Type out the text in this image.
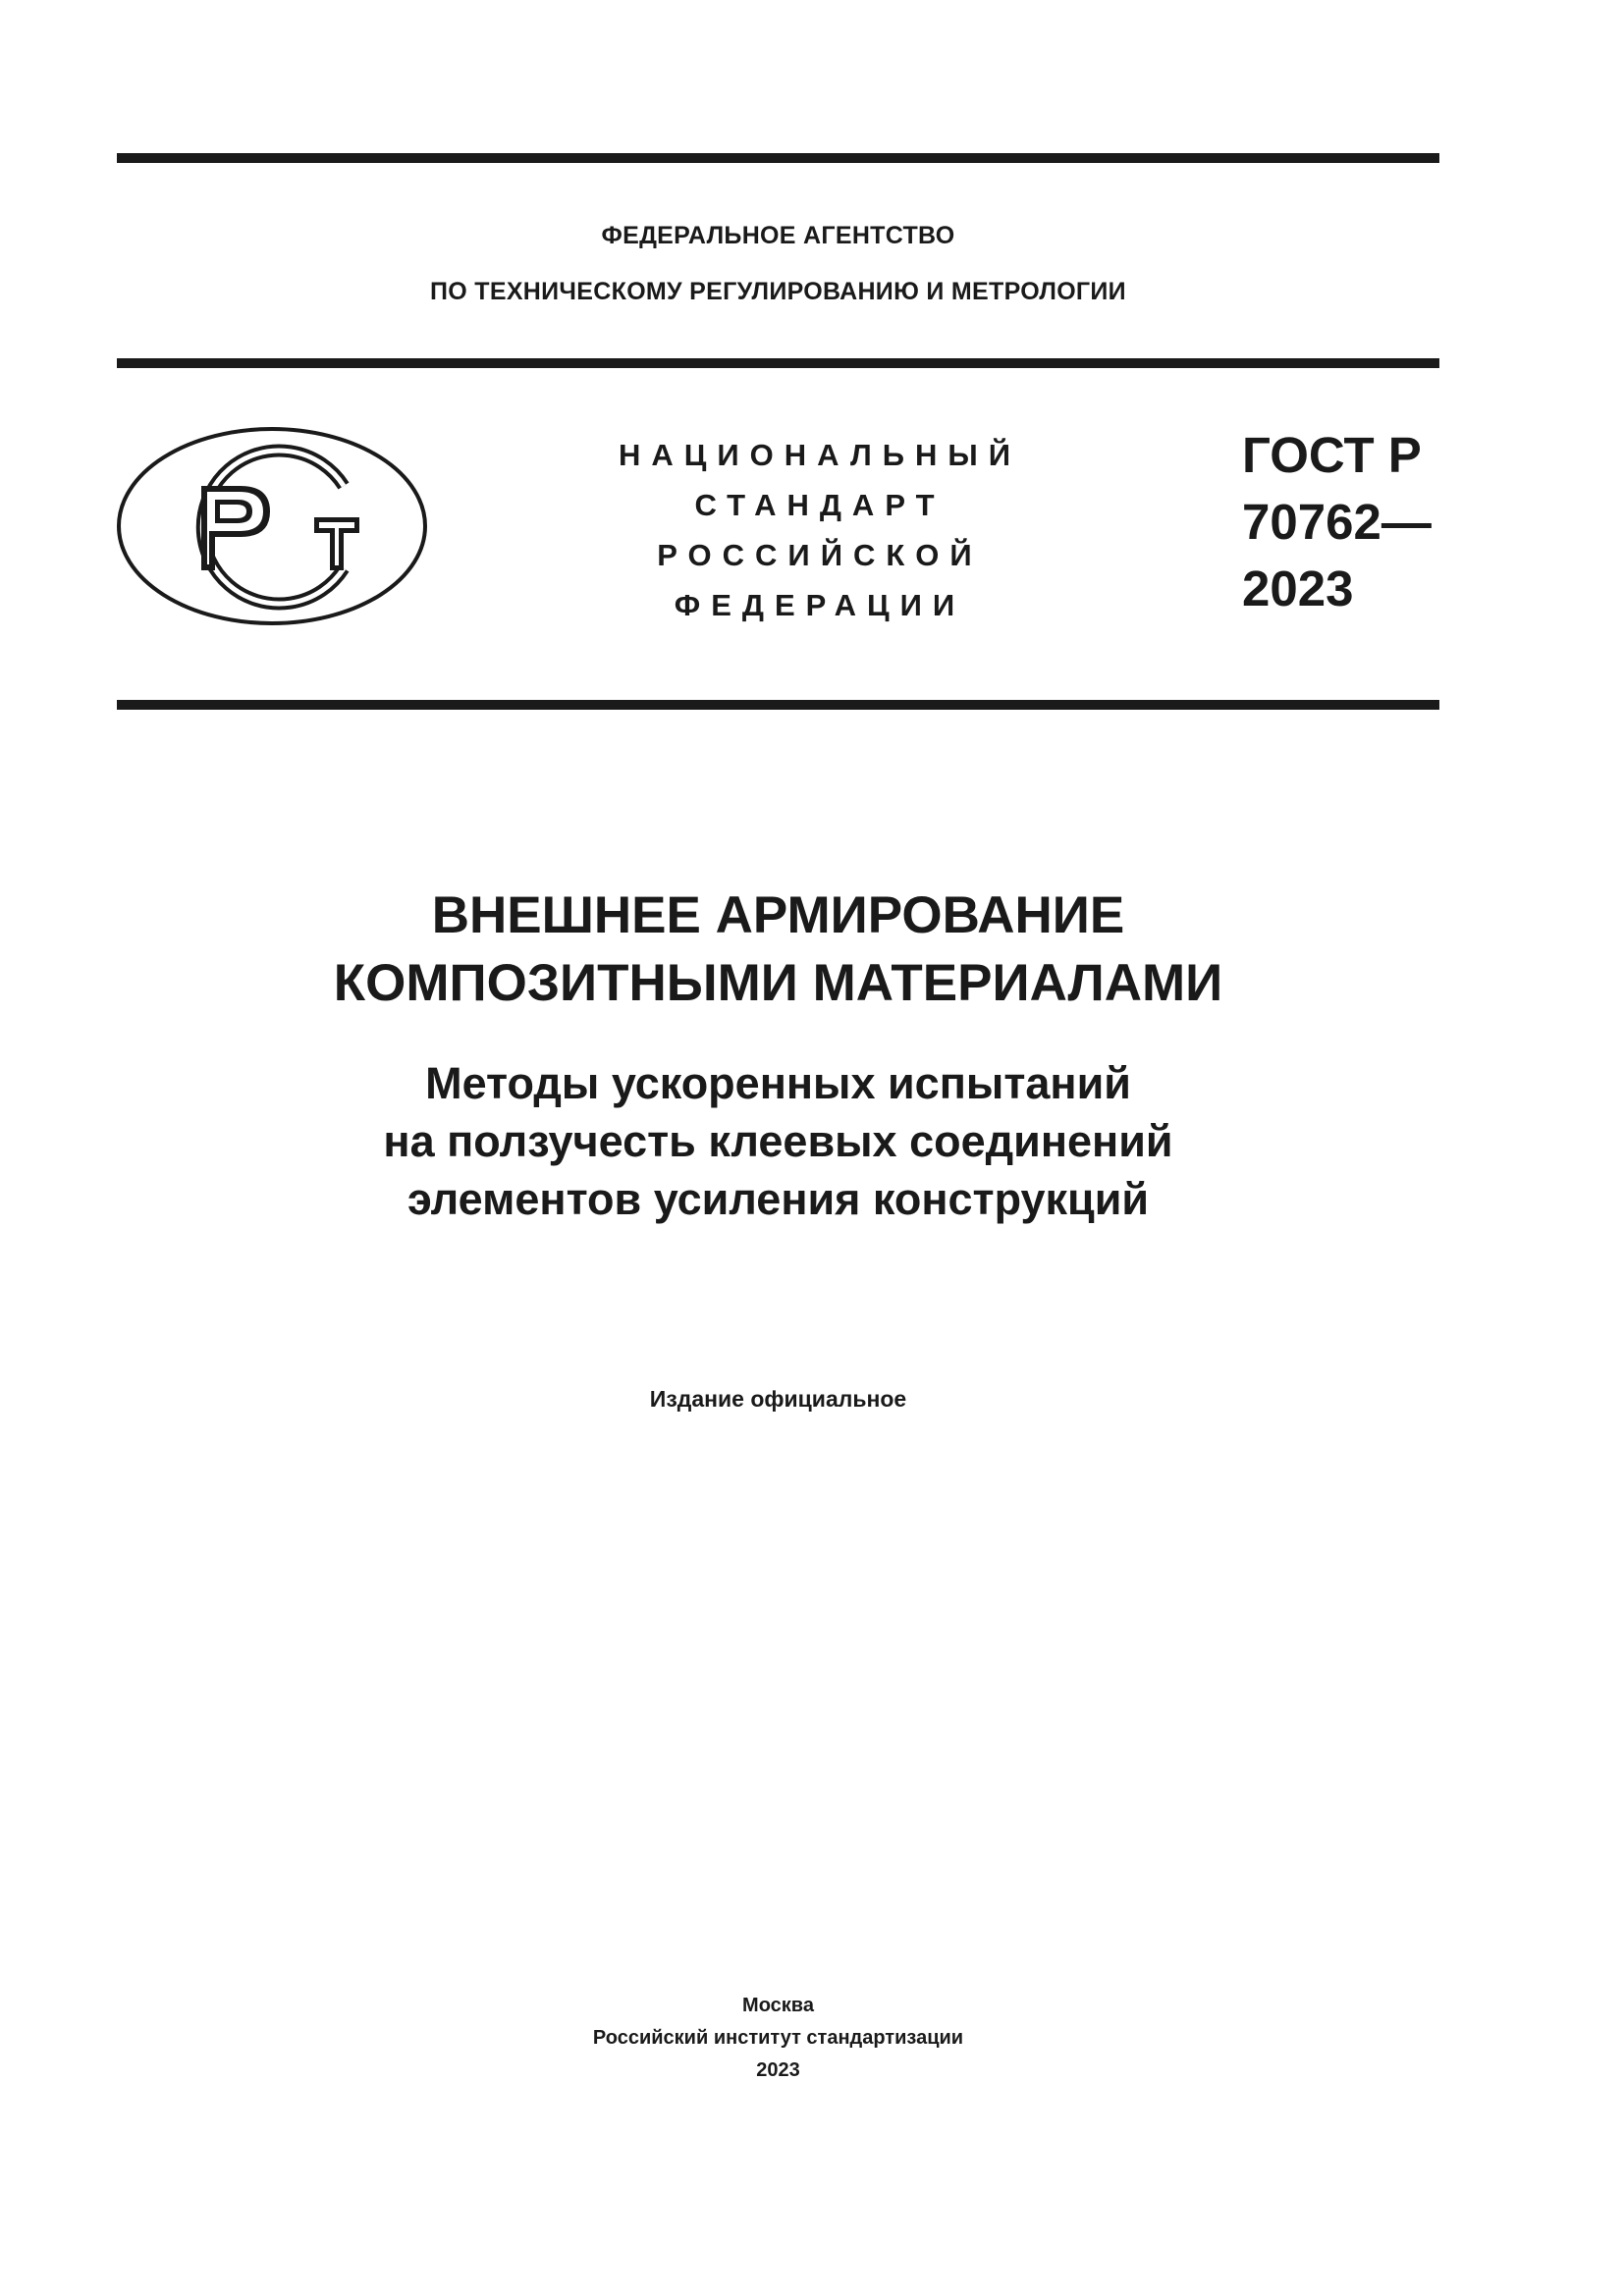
ФЕДЕРАЛЬНОЕ АГЕНТСТВО
ПО ТЕХНИЧЕСКОМУ РЕГУЛИРОВАНИЮ И МЕТРОЛОГИИ
НАЦИОНАЛЬНЫЙ
СТАНДАРТ
РОССИЙСКОЙ
ФЕДЕРАЦИИ
ГОСТ Р
70762—
2023
ВНЕШНЕЕ АРМИРОВАНИЕ
КОМПОЗИТНЫМИ МАТЕРИАЛАМИ
Методы ускоренных испытаний
на ползучесть клеевых соединений
элементов усиления конструкций
Издание официальное
Москва
Российский институт стандартизации
2023
